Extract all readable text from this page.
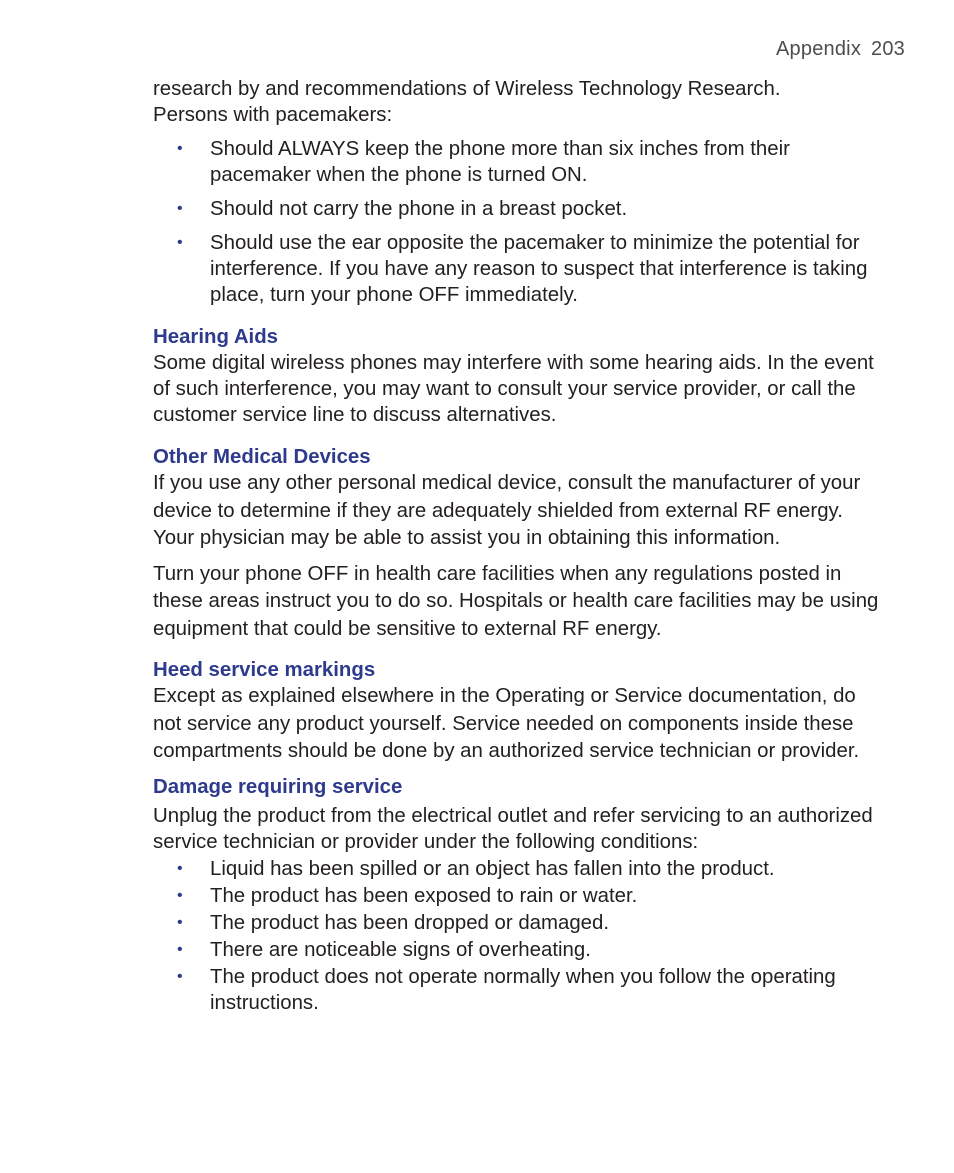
Appendix 203

research by and recommendations of Wireless Technology Research.

Persons with pacemakers:

• Should ALWAYS keep the phone more than six inches from their pacemaker when the phone is turned ON.
• Should not carry the phone in a breast pocket.
• Should use the ear opposite the pacemaker to minimize the potential for interference. If you have any reason to suspect that interference is taking place, turn your phone OFF immediately.
Hearing Aids

Some digital wireless phones may interfere with some hearing aids. In the event of such interference, you may want to consult your service provider, or call the customer service line to discuss alternatives.

Other Medical Devices

If you use any other personal medical device, consult the manufacturer of your device to determine if they are adequately shielded from external RF energy. Your physician may be able to assist you in obtaining this information.

Turn your phone OFF in health care facilities when any regulations posted in these areas instruct you to do so. Hospitals or health care facilities may be using equipment that could be sensitive to external RF energy.

Heed service markings

Except as explained elsewhere in the Operating or Service documentation, do not service any product yourself. Service needed on components inside these compartments should be done by an authorized service technician or provider.

Damage requiring service

Unplug the product from the electrical outlet and refer servicing to an authorized service technician or provider under the following conditions:

• Liquid has been spilled or an object has fallen into the product.
• The product has been exposed to rain or water.
• The product has been dropped or damaged.
• There are noticeable signs of overheating.
• The product does not operate normally when you follow the operating instructions.
